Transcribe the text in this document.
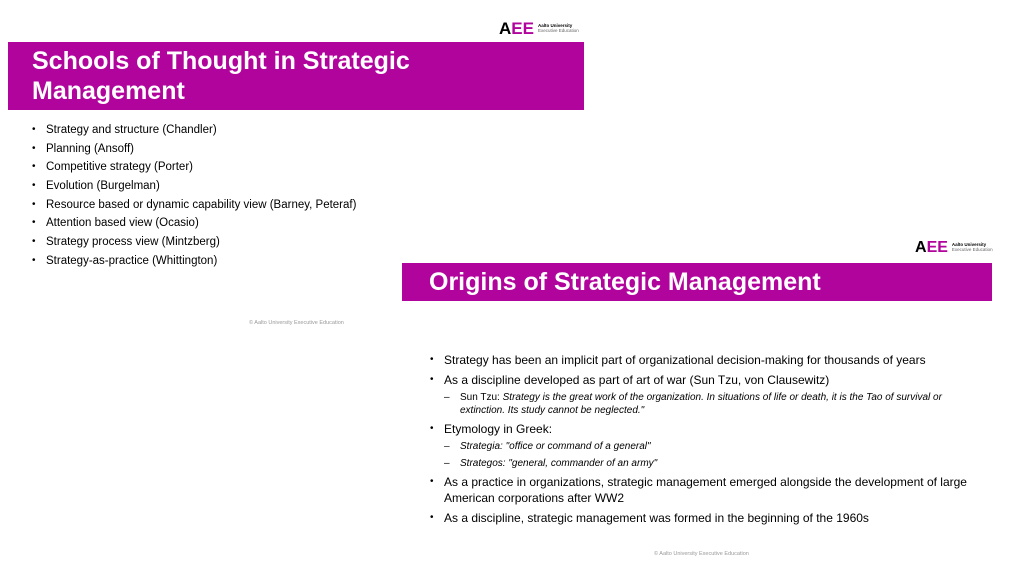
AEE Aalto University
Executive Education
Schools of Thought in Strategic
Management
• Strategy and structure (Chandler)
• Planning (Ansoff)
• Competitive strategy (Porter)
• Evolution (Burgelman)
• Resource based or dynamic capability view (Barney, Peteraf)
• Attention based view (Ocasio)
• Strategy process view (Mintzberg)
• Strategy-as-practice (Whittington)
© Aalto University Executive Education
AEE Aalto University
Executive Education
Origins of Strategic Management
• Strategy has been an implicit part of organizational decision-making for thousands of years
• As a discipline developed as part of art of war (Sun Tzu, von Clausewitz)
– Sun Tzu: Strategy is the great work of the organization. In situations of life or death, it is the Tao of survival or extinction. Its study cannot be neglected."
• Etymology in Greek:
– Strategia: "office or command of a general"
– Strategos: "general, commander of an army"
• As a practice in organizations, strategic management emerged alongside the development of large American corporations after WW2
• As a discipline, strategic management was formed in the beginning of the 1960s
© Aalto University Executive Education
